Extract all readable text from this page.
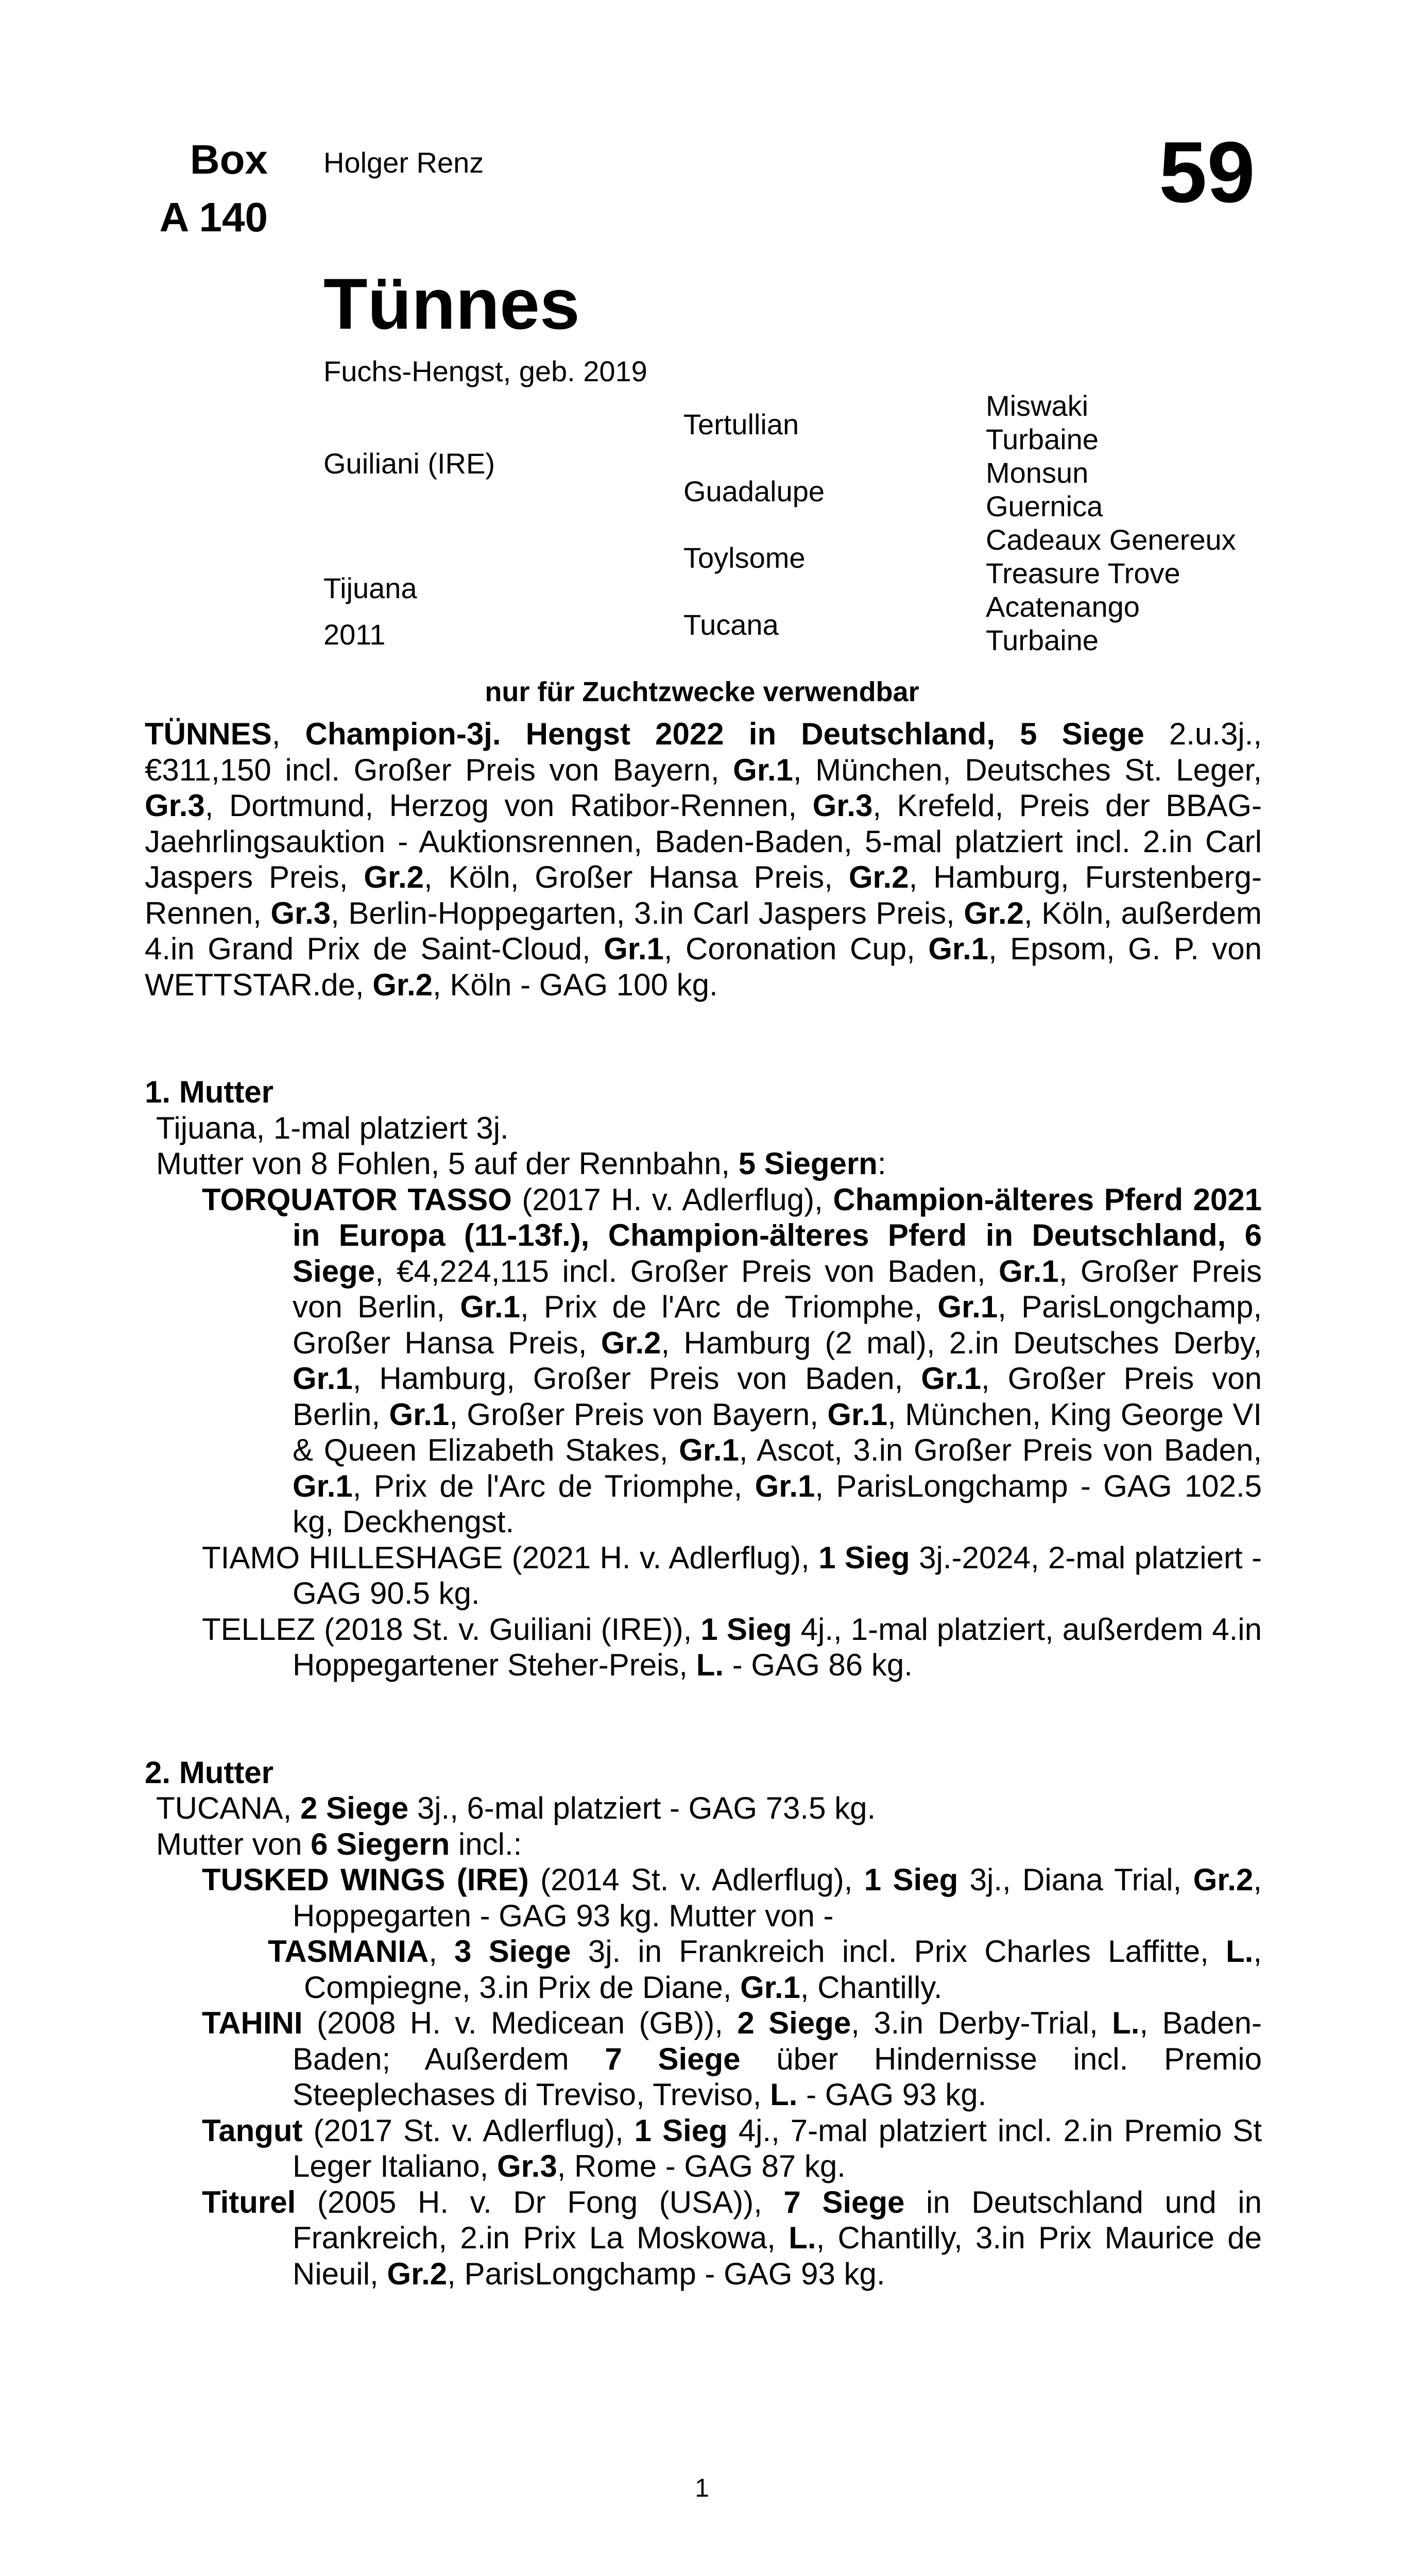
Box
A 140
Holger Renz	59
Tünnes
Fuchs-Hengst, geb. 2019
Guiliani (IRE)
Tijuana
2011
Tertullian
Guadalupe
Toylsome
Tucana
Miswaki
Turbaine
Monsun
Guernica
Cadeaux Genereux
Treasure Trove
Acatenango
Turbaine
nur für Zuchtzwecke verwendbar
TÜNNES, Champion-3j. Hengst 2022 in Deutschland, 5 Siege 2.u.3j., €311,150 incl. Großer Preis von Bayern, Gr.1, München, Deutsches St. Leger, Gr.3, Dortmund, Herzog von Ratibor-Rennen, Gr.3, Krefeld, Preis der BBAG-Jaehrlingsauktion - Auktionsrennen, Baden-Baden, 5-mal platziert incl. 2.in Carl Jaspers Preis, Gr.2, Köln, Großer Hansa Preis, Gr.2, Hamburg, Furstenberg-Rennen, Gr.3, Berlin-Hoppegarten, 3.in Carl Jaspers Preis, Gr.2, Köln, außerdem 4.in Grand Prix de Saint-Cloud, Gr.1, Coronation Cup, Gr.1, Epsom, G. P. von WETTSTAR.de, Gr.2, Köln - GAG 100 kg.
1. Mutter
Tijuana, 1-mal platziert 3j.
Mutter von 8 Fohlen, 5 auf der Rennbahn, 5 Siegern:
TORQUATOR TASSO (2017 H. v. Adlerflug), Champion-älteres Pferd 2021 in Europa (11-13f.), Champion-älteres Pferd in Deutschland, 6 Siege, €4,224,115 incl. Großer Preis von Baden, Gr.1, Großer Preis von Berlin, Gr.1, Prix de l'Arc de Triomphe, Gr.1, ParisLongchamp, Großer Hansa Preis, Gr.2, Hamburg (2 mal), 2.in Deutsches Derby, Gr.1, Hamburg, Großer Preis von Baden, Gr.1, Großer Preis von Berlin, Gr.1, Großer Preis von Bayern, Gr.1, München, King George VI & Queen Elizabeth Stakes, Gr.1, Ascot, 3.in Großer Preis von Baden, Gr.1, Prix de l'Arc de Triomphe, Gr.1, ParisLongchamp - GAG 102.5 kg, Deckhengst.
TIAMO HILLESHAGE (2021 H. v. Adlerflug), 1 Sieg 3j.-2024, 2-mal platziert - GAG 90.5 kg.
TELLEZ (2018 St. v. Guiliani (IRE)), 1 Sieg 4j., 1-mal platziert, außerdem 4.in Hoppegartener Steher-Preis, L. - GAG 86 kg.
2. Mutter
TUCANA, 2 Siege 3j., 6-mal platziert - GAG 73.5 kg.
Mutter von 6 Siegern incl.:
TUSKED WINGS (IRE) (2014 St. v. Adlerflug), 1 Sieg 3j., Diana Trial, Gr.2, Hoppegarten - GAG 93 kg. Mutter von -
TASMANIA, 3 Siege 3j. in Frankreich incl. Prix Charles Laffitte, L., Compiegne, 3.in Prix de Diane, Gr.1, Chantilly.
TAHINI (2008 H. v. Medicean (GB)), 2 Siege, 3.in Derby-Trial, L., Baden-Baden; Außerdem 7 Siege über Hindernisse incl. Premio Steeplechases di Treviso, Treviso, L. - GAG 93 kg.
Tangut (2017 St. v. Adlerflug), 1 Sieg 4j., 7-mal platziert incl. 2.in Premio St Leger Italiano, Gr.3, Rome - GAG 87 kg.
Titurel (2005 H. v. Dr Fong (USA)), 7 Siege in Deutschland und in Frankreich, 2.in Prix La Moskowa, L., Chantilly, 3.in Prix Maurice de Nieuil, Gr.2, ParisLongchamp - GAG 93 kg.
1
